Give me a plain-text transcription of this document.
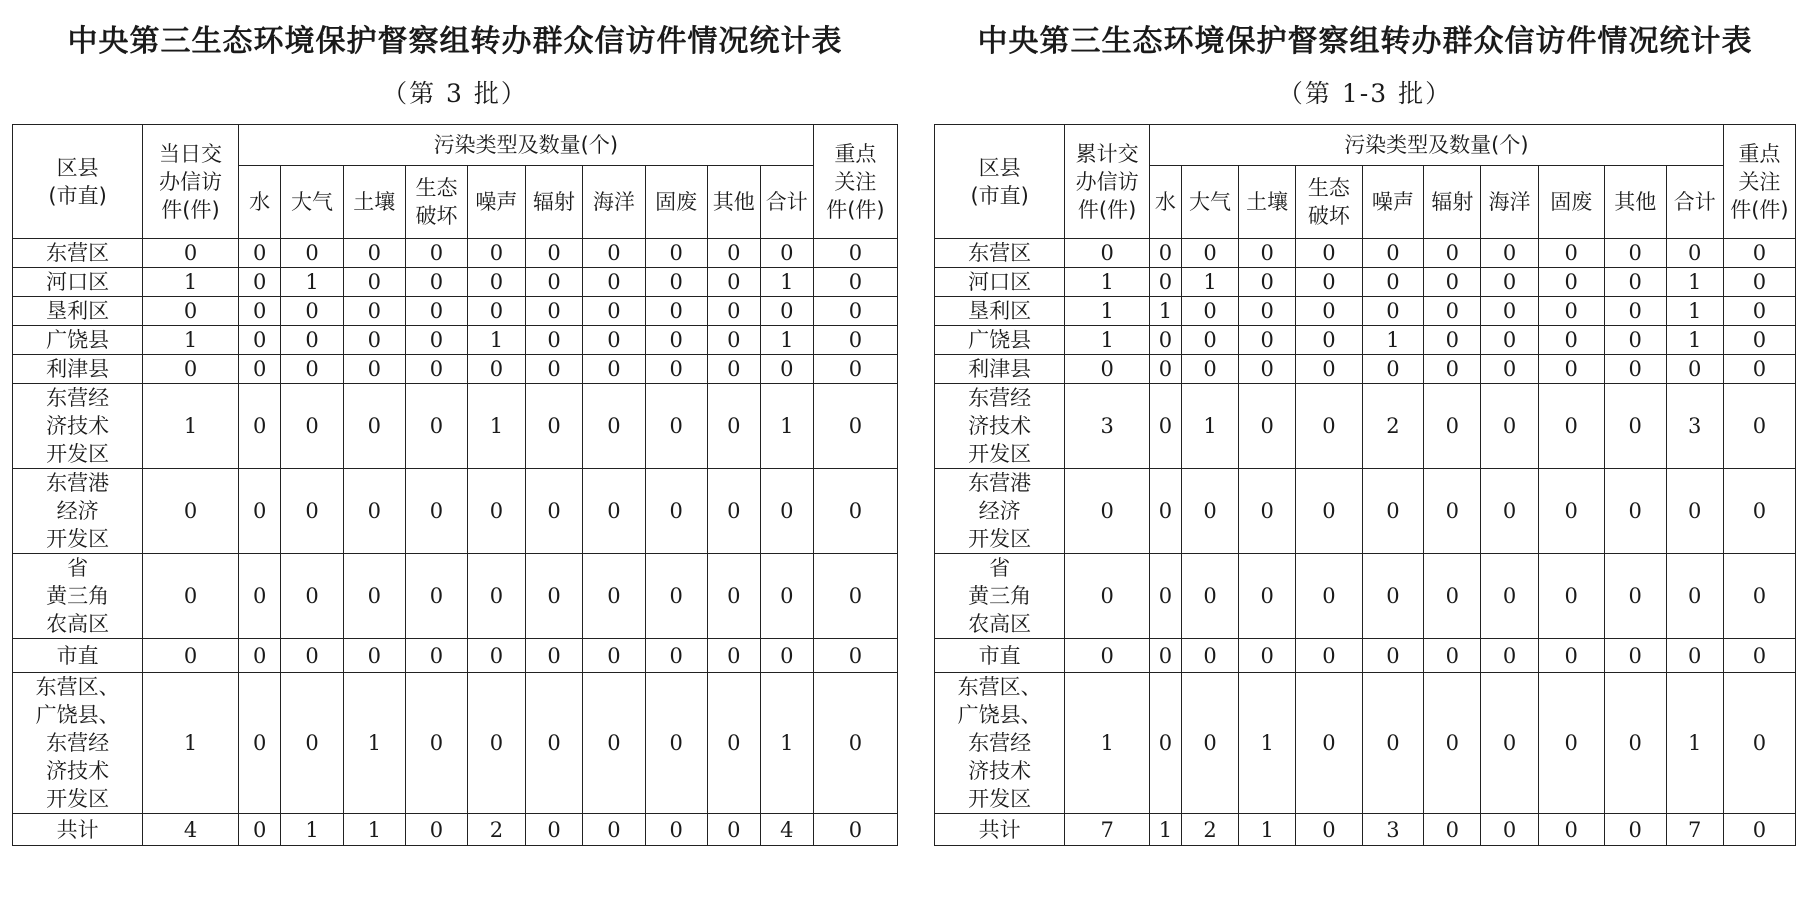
中央第三生态环境保护督察组转办群众信访件情况统计表
（第 3 批）
区县
(市直)	当日交
办信访
件(件)	污染类型及数量(个)										重点
关注
件(件)
		水	大气	土壤	生态
破坏	噪声	辐射	海洋	固废	其他	合计	
东营区	0	0	0	0	0	0	0	0	0	0	0	0
河口区	1	0	1	0	0	0	0	0	0	0	1	0
垦利区	0	0	0	0	0	0	0	0	0	0	0	0
广饶县	1	0	0	0	0	1	0	0	0	0	1	0
利津县	0	0	0	0	0	0	0	0	0	0	0	0
东营经
济技术
开发区	1	0	0	0	0	1	0	0	0	0	1	0
东营港
经济
开发区	0	0	0	0	0	0	0	0	0	0	0	0
省
黄三角
农高区	0	0	0	0	0	0	0	0	0	0	0	0
市直	0	0	0	0	0	0	0	0	0	0	0	0
东营区、
广饶县、
东营经
济技术
开发区	1	0	0	1	0	0	0	0	0	0	1	0
共计	4	0	1	1	0	2	0	0	0	0	4	0
中央第三生态环境保护督察组转办群众信访件情况统计表
（第 1-3 批）
区县
(市直)	累计交
办信访
件(件)	污染类型及数量(个)										重点
关注
件(件)
		水	大气	土壤	生态
破坏	噪声	辐射	海洋	固废	其他	合计	
东营区	0	0	0	0	0	0	0	0	0	0	0	0
河口区	1	0	1	0	0	0	0	0	0	0	1	0
垦利区	1	1	0	0	0	0	0	0	0	0	1	0
广饶县	1	0	0	0	0	1	0	0	0	0	1	0
利津县	0	0	0	0	0	0	0	0	0	0	0	0
东营经
济技术
开发区	3	0	1	0	0	2	0	0	0	0	3	0
东营港
经济
开发区	0	0	0	0	0	0	0	0	0	0	0	0
省
黄三角
农高区	0	0	0	0	0	0	0	0	0	0	0	0
市直	0	0	0	0	0	0	0	0	0	0	0	0
东营区、
广饶县、
东营经
济技术
开发区	1	0	0	1	0	0	0	0	0	0	1	0
共计	7	1	2	1	0	3	0	0	0	0	7	0
